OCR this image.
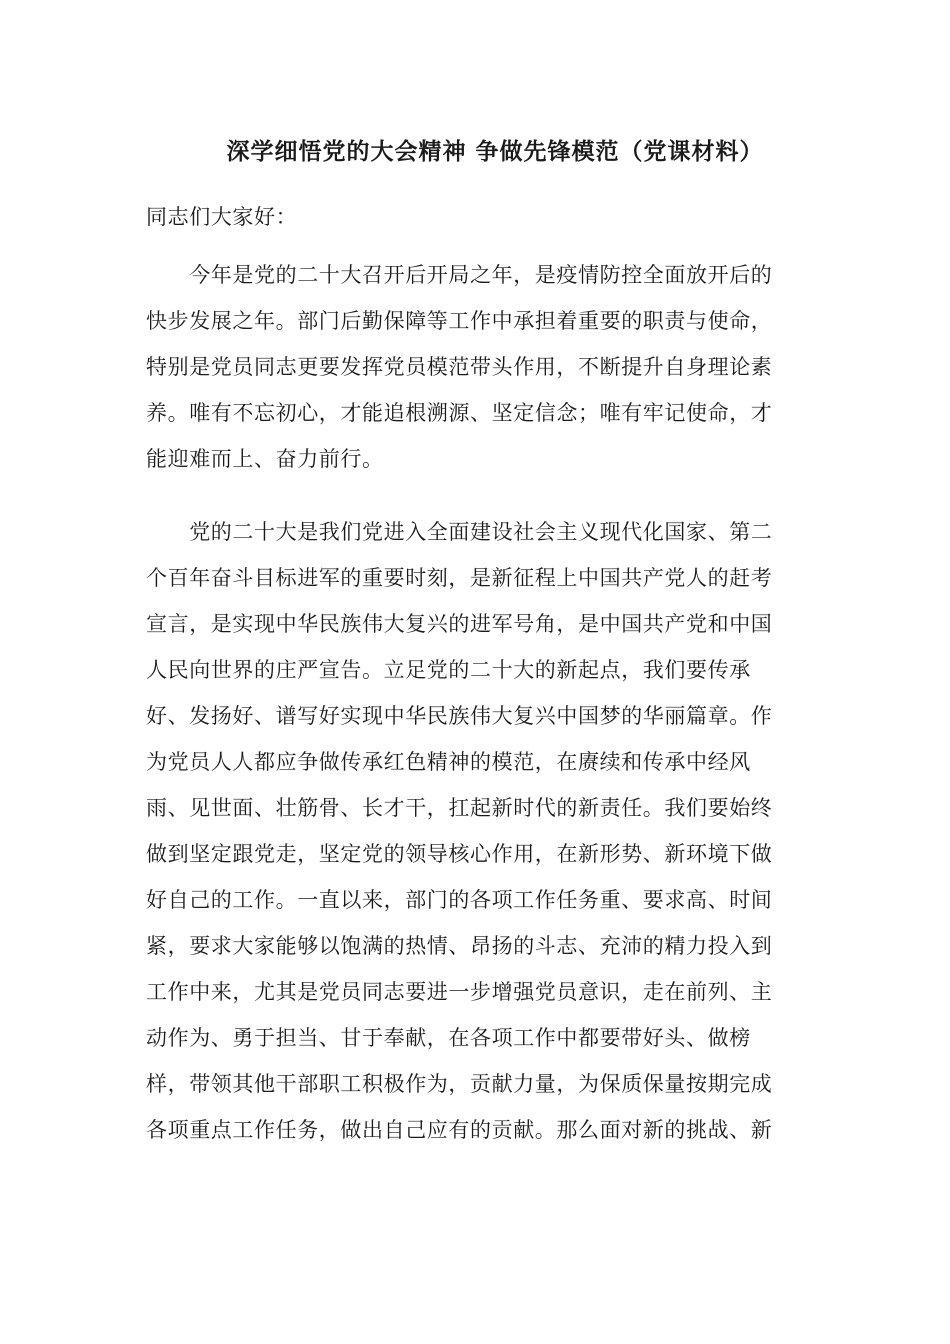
深学细悟党的大会精神 争做先锋模范（党课材料）
同志们大家好：
　　今年是党的二十大召开后开局之年，是疫情防控全面放开后的
快步发展之年。部门后勤保障等工作中承担着重要的职责与使命，
特别是党员同志更要发挥党员模范带头作用，不断提升自身理论素
养。唯有不忘初心，才能追根溯源、坚定信念；唯有牢记使命，才
能迎难而上、奋力前行。
　　党的二十大是我们党进入全面建设社会主义现代化国家、第二
个百年奋斗目标进军的重要时刻，是新征程上中国共产党人的赶考
宣言，是实现中华民族伟大复兴的进军号角，是中国共产党和中国
人民向世界的庄严宣告。立足党的二十大的新起点，我们要传承
好、发扬好、谱写好实现中华民族伟大复兴中国梦的华丽篇章。作
为党员人人都应争做传承红色精神的模范，在赓续和传承中经风
雨、见世面、壮筋骨、长才干，扛起新时代的新责任。我们要始终
做到坚定跟党走，坚定党的领导核心作用，在新形势、新环境下做
好自己的工作。一直以来，部门的各项工作任务重、要求高、时间
紧，要求大家能够以饱满的热情、昂扬的斗志、充沛的精力投入到
工作中来，尤其是党员同志要进一步增强党员意识，走在前列、主
动作为、勇于担当、甘于奉献，在各项工作中都要带好头、做榜
样，带领其他干部职工积极作为，贡献力量，为保质保量按期完成
各项重点工作任务，做出自己应有的贡献。那么面对新的挑战、新
